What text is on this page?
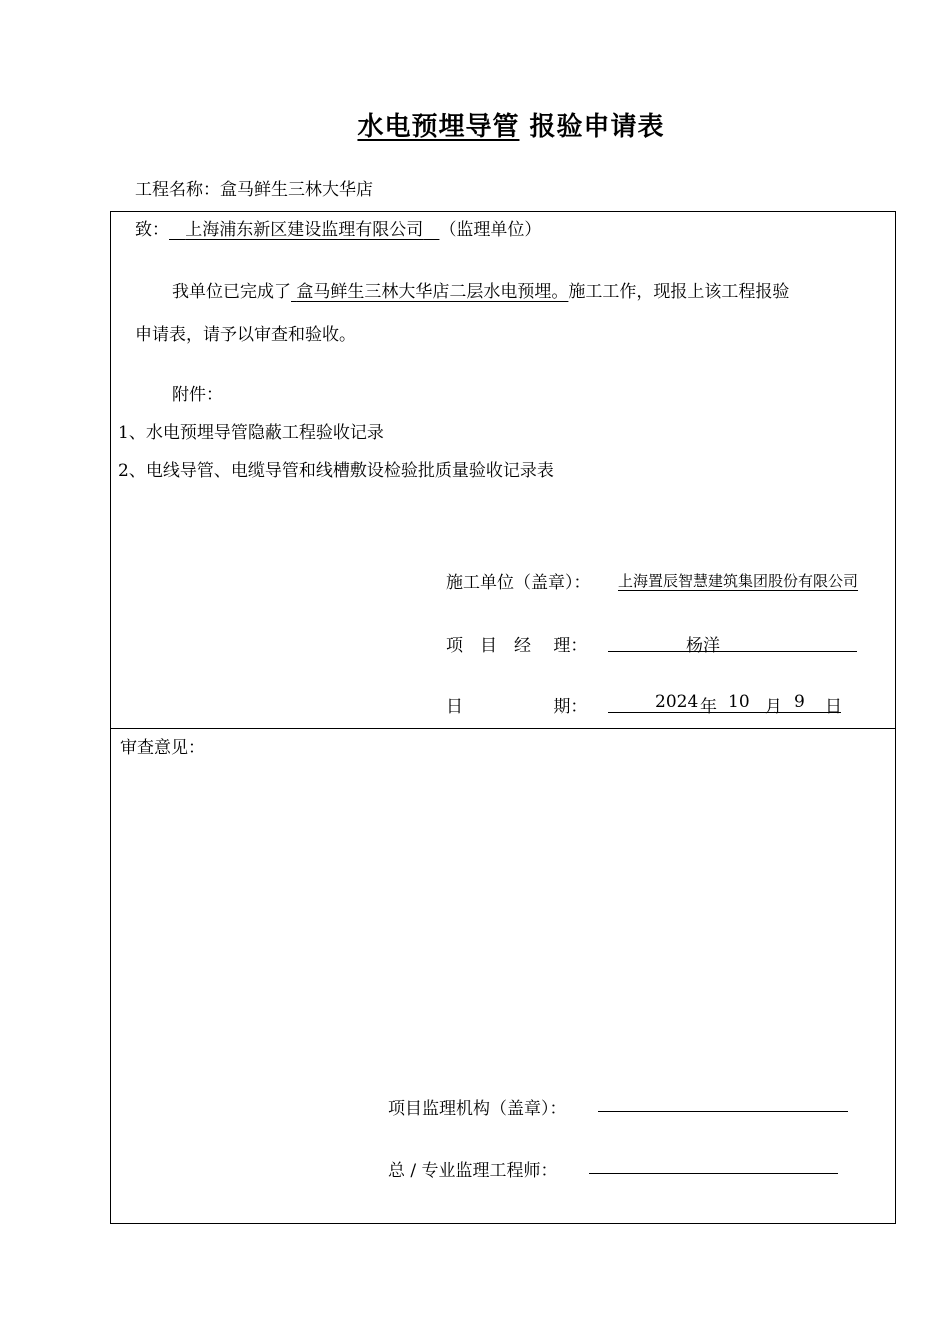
水电预埋导管 报验申请表
工程名称：盒马鲜生三林大华店
致： 上海浦东新区建设监理有限公司 （监理单位）
我单位已完成了 盒马鲜生三林大华店二层水电预埋。施工工作，现报上该工程报验
申请表，请予以审查和验收。
附件：
1、水电预埋导管隐蔽工程验收记录
2、电线导管、电缆导管和线槽敷设检验批质量验收记录表
施工单位（盖章）： 上海置辰智慧建筑集团股份有限公司
项　目　经　 理：	杨洋
日　　　　　 期：	2024 年 10 月 9 日
审查意见：
项目监理机构（盖章）：
总 / 专业监理工程师：
